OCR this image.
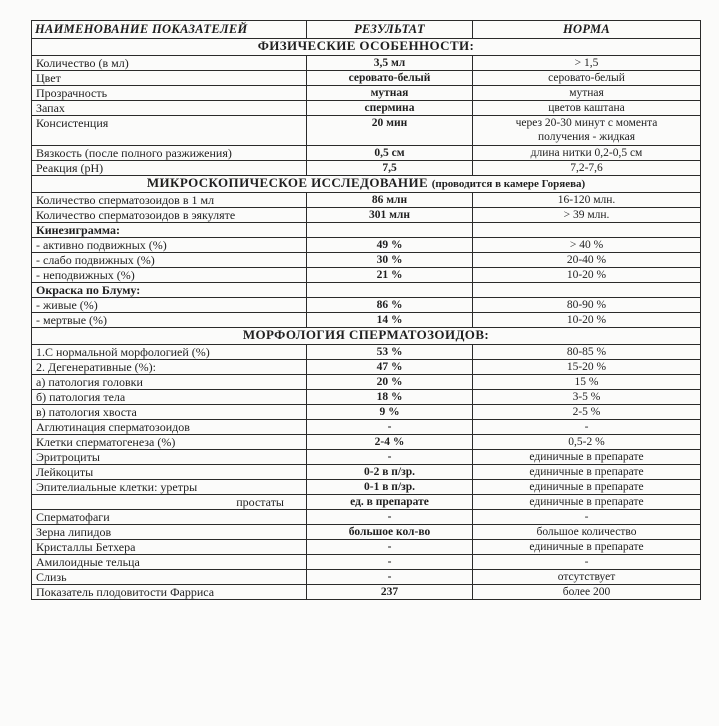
НАИМЕНОВАНИЕ ПОКАЗАТЕЛЕЙ	РЕЗУЛЬТАТ	НОРМА
ФИЗИЧЕСКИЕ ОСОБЕННОСТИ:		
Количество (в мл)	3,5 мл	> 1,5
Цвет	серовато-белый	серовато-белый
Прозрачность	мутная	мутная
Запах	спермина	цветов каштана
Консистенция	20 мин	через 20-30 минут с момента
получения - жидкая

Вязкость (после полного разжижения)	0,5 см	длина нитки 0,2-0,5 см
Реакция (pH)	7,5	7,2-7,6
МИКРОСКОПИЧЕСКОЕ ИССЛЕДОВАНИЕ (проводится в камере Горяева)		
Количество сперматозоидов в 1 мл	86 млн	16-120 млн.
Количество сперматозоидов в эякуляте	301 млн	> 39 млн.
Кинезиграмма:		
- активно подвижных (%)	49 %	> 40 %
- слабо подвижных (%)	30 %	20-40 %
- неподвижных (%)	21 %	10-20 %
Окраска по Блуму:		
- живые (%)	86 %	80-90 %
- мертвые (%)	14 %	10-20 %
МОРФОЛОГИЯ СПЕРМАТОЗОИДОВ:		
1.С нормальной морфологией (%)	53 %	80-85 %
2. Дегенеративные (%):	47 %	15-20 %
а) патология головки	20 %	15 %
б) патология тела	18 %	3-5 %
в) патология хвоста	9 %	2-5 %
Аглютинация сперматозоидов	-	-
Клетки сперматогенеза (%)	2-4 %	0,5-2 %
Эритроциты	-	единичные в препарате
Лейкоциты	0-2 в п/зр.	единичные в препарате
Эпителиальные клетки: уретры	0-1 в п/зр.	единичные в препарате
простаты	ед. в препарате	единичные в препарате
Сперматофаги	-	-
Зерна липидов	большое кол-во	большое количество
Кристаллы Бетхера	-	единичные в препарате
Амилоидные тельца	-	-
Слизь	-	отсутствует
Показатель плодовитости Фарриса	237	более 200
